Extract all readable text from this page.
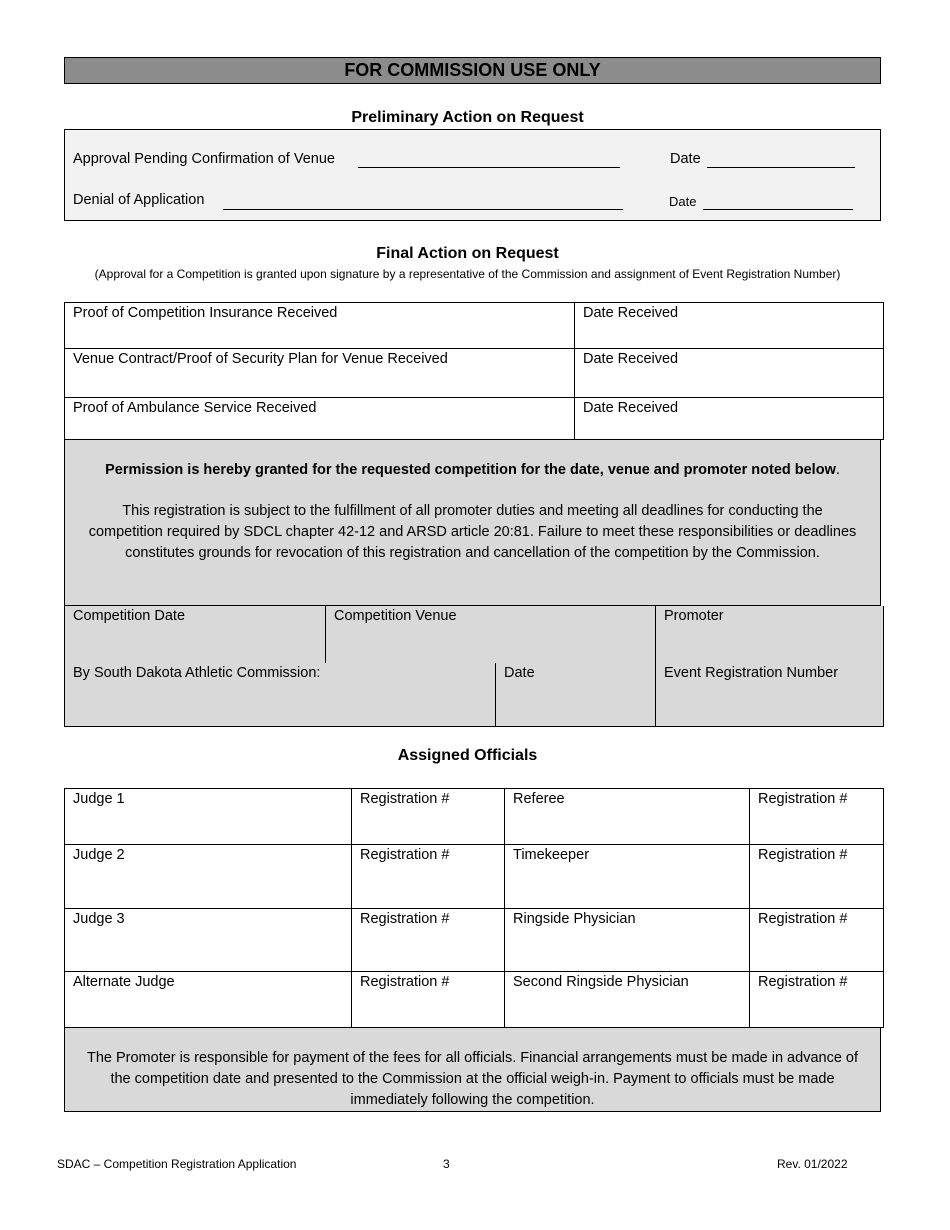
FOR COMMISSION USE ONLY
Preliminary Action on Request
Approval Pending Confirmation of Venue	Date
Denial of Application	Date
Final Action on Request
(Approval for a Competition is granted upon signature by a representative of the Commission and assignment of Event Registration Number)
Proof of Competition Insurance Received	Date Received
Venue Contract/Proof of Security Plan for Venue Received	Date Received
Proof of Ambulance Service Received	Date Received

Permission is hereby granted for the requested competition for the date, venue and promoter noted below.

This registration is subject to the fulfillment of all promoter duties and meeting all deadlines for conducting the competition required by SDCL chapter 42-12 and ARSD article 20:81. Failure to meet these responsibilities or deadlines constitutes grounds for revocation of this registration and cancellation of the competition by the Commission.

Competition Date	Competition Venue	Promoter
By South Dakota Athletic Commission:	Date	Event Registration Number
Assigned Officials
Judge 1	Registration #	Referee	Registration #
Judge 2	Registration #	Timekeeper	Registration #
Judge 3	Registration #	Ringside Physician	Registration #
Alternate Judge	Registration #	Second Ringside Physician	Registration #
The Promoter is responsible for payment of the fees for all officials. Financial arrangements must be made in advance of the competition date and presented to the Commission at the official weigh-in. Payment to officials must be made immediately following the competition.
SDAC – Competition Registration Application	3	Rev. 01/2022
